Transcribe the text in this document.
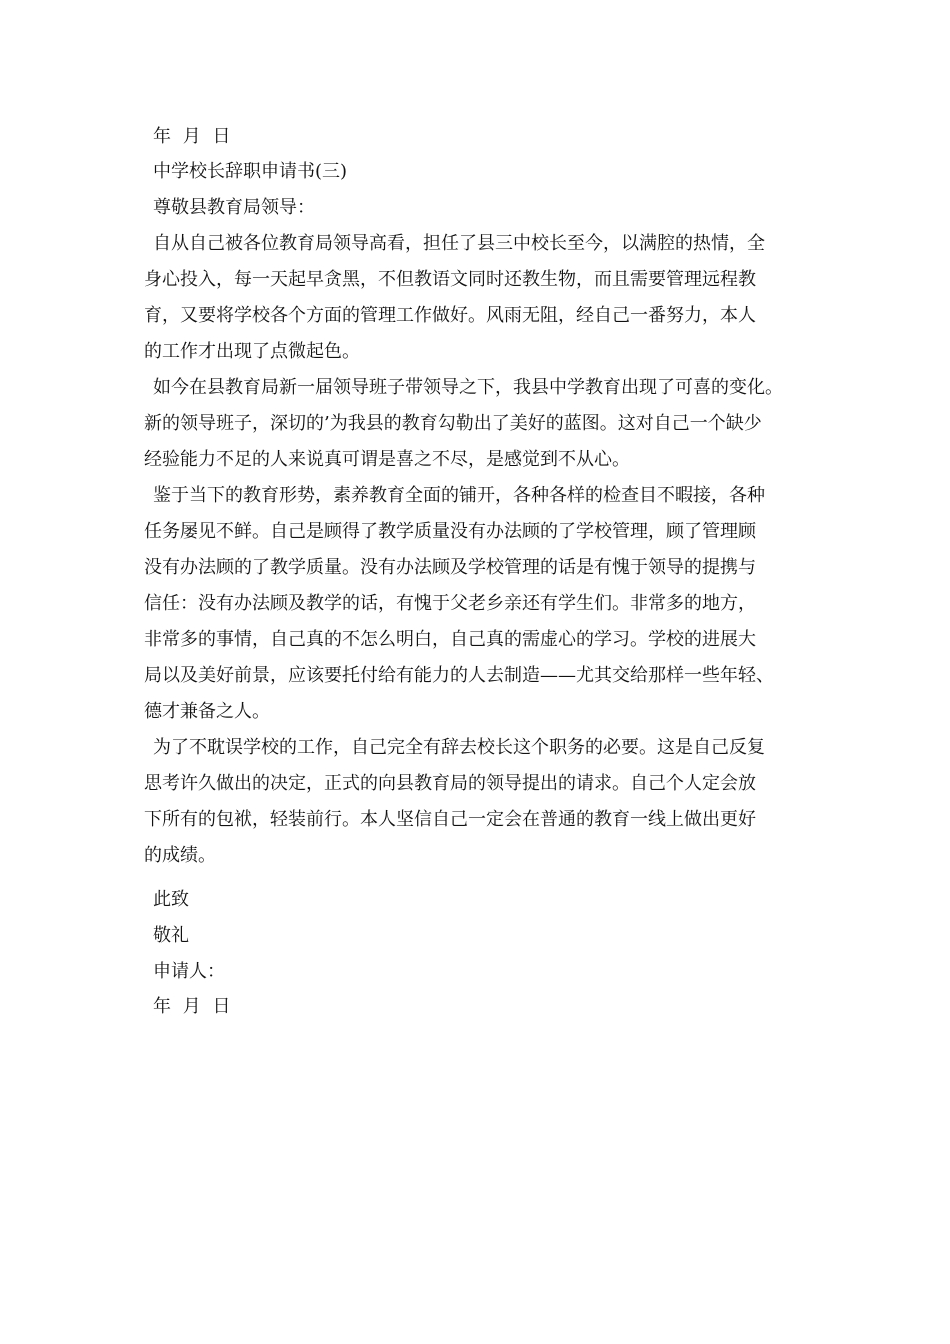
年 月 日
中学校长辞职申请书(三)
尊敬县教育局领导：
自从自己被各位教育局领导高看，担任了县三中校长至今，以满腔的热情，全
身心投入，每一天起早贪黑，不但教语文同时还教生物，而且需要管理远程教
育，又要将学校各个方面的管理工作做好。风雨无阻，经自己一番努力，本人
的工作才出现了点微起色。
如今在县教育局新一届领导班子带领导之下，我县中学教育出现了可喜的变化。
新的领导班子，深切的’为我县的教育勾勒出了美好的蓝图。这对自己一个缺少
经验能力不足的人来说真可谓是喜之不尽，是感觉到不从心。
鉴于当下的教育形势，素养教育全面的铺开，各种各样的检查目不暇接，各种
任务屡见不鲜。自己是顾得了教学质量没有办法顾的了学校管理，顾了管理顾
没有办法顾的了教学质量。没有办法顾及学校管理的话是有愧于领导的提携与
信任：没有办法顾及教学的话，有愧于父老乡亲还有学生们。非常多的地方，
非常多的事情，自己真的不怎么明白，自己真的需虚心的学习。学校的进展大
局以及美好前景，应该要托付给有能力的人去制造——尤其交给那样一些年轻、
德才兼备之人。
为了不耽误学校的工作，自己完全有辞去校长这个职务的必要。这是自己反复
思考许久做出的决定，正式的向县教育局的领导提出的请求。自己个人定会放
下所有的包袱，轻装前行。本人坚信自己一定会在普通的教育一线上做出更好
的成绩。
此致
敬礼
申请人：
年 月 日
